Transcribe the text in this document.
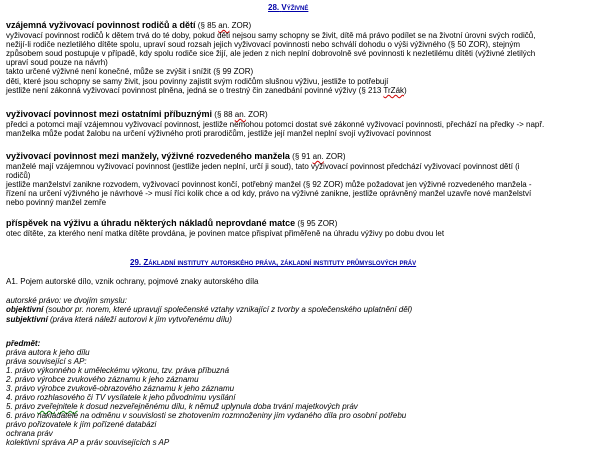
28. Výživné
vzájemná vyživovací povinnost rodičů a dětí (§ 85 an. ZOR)
vyživovací povinnost rodičů k dětem trvá do té doby, pokud děti nejsou samy schopny se živit, dítě má právo podílet se na životní úrovni svých rodičů,
nežijí-li rodiče nezletilého dítěte spolu, upraví soud rozsah jejich vyživovací povinnosti nebo schválí dohodu o výši výživného (§ 50 ZOR), stejným
způsobem soud postupuje v případě, kdy spolu rodiče sice žijí, ale jeden z nich neplní dobrovolně své povinnosti k nezletilému dítěti (výživné zletilých
upraví soud pouze na návrh)
takto určené výživné není konečné, může se zvýšit i snížit (§ 99 ZOR)
děti, které jsou schopny se samy živit, jsou povinny zajistit svým rodičům slušnou výživu, jestliže to potřebují
jestliže není zákonná vyživovací povinnost plněna, jedná se o trestný čin zanedbání povinné výživy (§ 213 TrZák)
vyživovací povinnost mezi ostatními příbuznými (§ 88 an. ZOR)
předci a potomci mají vzájemnou vyživovací povinnost, jestliže nemohou potomci dostat své zákonné vyživovací povinnosti, přechází na předky -> např.
manželka může podat žalobu na určení výživného proti prarodičům, jestliže její manžel neplní svojí vyživovací povinnost
vyživovací povinnost mezi manžely, výživné rozvedeného manžela (§ 91 an. ZOR)
manželé mají vzájemnou vyživovací povinnost (jestliže jeden neplní, určí ji soud), tato vyživovací povinnost předchází vyživovací povinnost dětí (i
rodičů)
jestliže manželství zanikne rozvodem, vyživovací povinnost končí, potřebný manžel (§ 92 ZOR) může požadovat jen výživné rozvedeného manžela -
řízení na určení výživného je návrhové -> musí říci kolik chce a od kdy, právo na výživné zanikne, jestliže oprávněný manžel uzavře nové manželství
nebo povinný manžel zemře
příspěvek na výživu a úhradu některých nákladů neprovdané matce (§ 95 ZOR)
otec dítěte, za kterého není matka dítěte provdána, je povinen matce přispívat přiměřeně na úhradu výživy po dobu dvou let
29. Základní instituty autorského práva, základní instituty průmyslových práv
A1. Pojem autorské dílo, vznik ochrany, pojmové znaky autorského díla
autorské právo: ve dvojím smyslu:
objektivní (soubor pr. norem, které upravují společenské vztahy vznikající z tvorby a společenského uplatnění děl)
subjektivní (práva která náleží autorovi k jím vytvořenému dílu)
předmět:
práva autora k jeho dílu
práva související s AP:
1. právo výkonného k uměleckému výkonu, tzv. práva příbuzná
2. právo výrobce zvukového záznamu k jeho záznamu
3. právo výrobce zvukově-obrazového záznamu k jeho záznamu
4. právo rozhlasového či TV vysílatele k jeho původnímu vysílání
5. právo zveřejnitele k dosud nezveřejněnému dílu, k němuž uplynula doba trvání majetkových práv
6. právo nakladatele na odměnu v souvislosti se zhotovením rozmnoženiny jím vydaného díla pro osobní potřebu
právo pořizovatele k jím pořízené databázi
ochrana práv
kolektivní správa AP a práv souvisejících s AP
